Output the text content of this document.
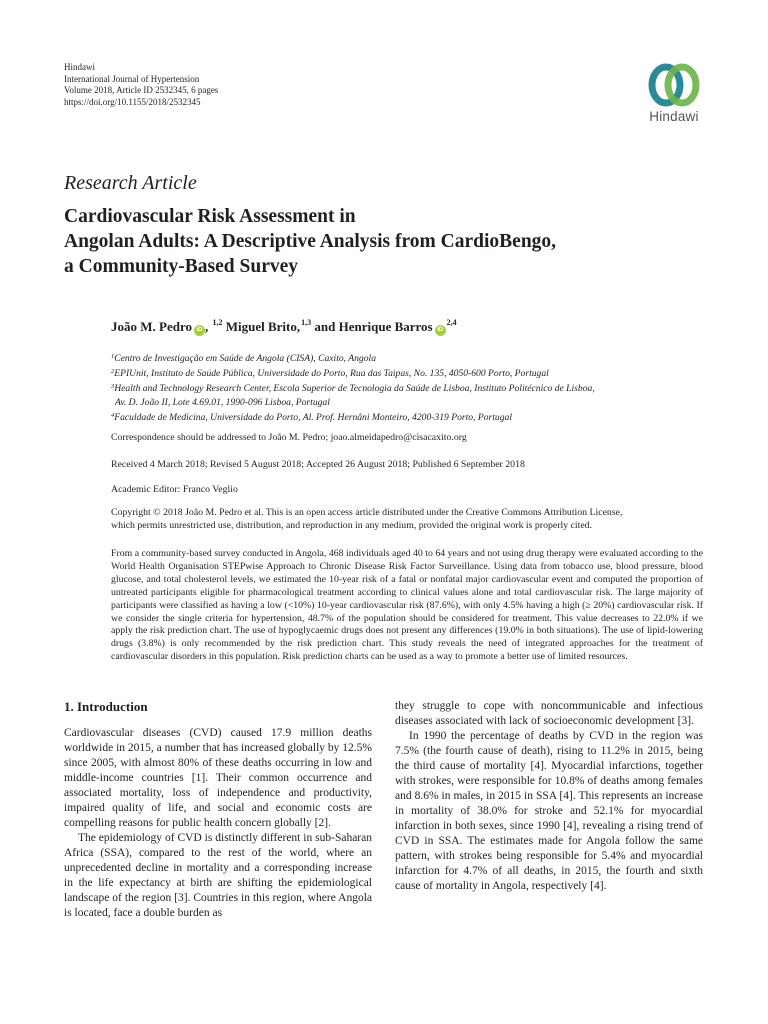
Hindawi
International Journal of Hypertension
Volume 2018, Article ID 2532345, 6 pages
https://doi.org/10.1155/2018/2532345
Hindawi
Research Article
Cardiovascular Risk Assessment in
Angolan Adults: A Descriptive Analysis from CardioBengo,
a Community-Based Survey
João M. Pedro iD , $^{1,2}$ Miguel Brito,$^{1,3}$ and Henrique Barros iD$^{2,4}$
$^1$Centro de Investigação em Saúde de Angola (CISA), Caxito, Angola
$^2$EPIUnit, Instituto de Saúde Pública, Universidade do Porto, Rua das Taipas, No. 135, 4050-600 Porto, Portugal
$^3$Health and Technology Research Center, Escola Superior de Tecnologia da Saúde de Lisboa, Instituto Politécnico de Lisboa,
Av. D. João II, Lote 4.69.01, 1990-096 Lisboa, Portugal
$^4$Faculdade de Medicina, Universidade do Porto, Al. Prof. Hernâni Monteiro, 4200-319 Porto, Portugal
Correspondence should be addressed to João M. Pedro; joao.almeidapedro@cisacaxito.org
Received 4 March 2018; Revised 5 August 2018; Accepted 26 August 2018; Published 6 September 2018
Academic Editor: Franco Veglio
Copyright © 2018 João M. Pedro et al. This is an open access article distributed under the Creative Commons Attribution License,
which permits unrestricted use, distribution, and reproduction in any medium, provided the original work is properly cited.

From a community-based survey conducted in Angola, 468 individuals aged 40 to 64 years and not using drug therapy were evaluated according to the World Health Organisation STEPwise Approach to Chronic Disease Risk Factor Surveillance. Using data from tobacco use, blood pressure, blood glucose, and total cholesterol levels, we estimated the 10-year risk of a fatal or nonfatal major cardiovascular event and computed the proportion of untreated participants eligible for pharmacological treatment according to clinical values alone and total cardiovascular risk. The large majority of participants were classified as having a low (<10%) 10-year cardiovascular risk (87.6%), with only 4.5% having a high (≥ 20%) cardiovascular risk. If we consider the single criteria for hypertension, 48.7% of the population should be considered for treatment. This value decreases to 22.0% if we apply the risk prediction chart. The use of hypoglycaemic drugs does not present any differences (19.0% in both situations). The use of lipid-lowering drugs (3.8%) is only recommended by the risk prediction chart. This study reveals the need of integrated approaches for the treatment of cardiovascular disorders in this population. Risk prediction charts can be used as a way to promote a better use of limited resources.

1. Introduction

Cardiovascular diseases (CVD) caused 17.9 million deaths worldwide in 2015, a number that has increased globally by 12.5% since 2005, with almost 80% of these deaths occurring in low and middle-income countries [1]. Their common occurrence and associated mortality, loss of independence and productivity, impaired quality of life, and social and economic costs are compelling reasons for public health concern globally [2].

The epidemiology of CVD is distinctly different in sub-Saharan Africa (SSA), compared to the rest of the world, where an unprecedented decline in mortality and a corresponding increase in the life expectancy at birth are shifting the epidemiological landscape of the region [3]. Countries in this region, where Angola is located, face a double burden as

they struggle to cope with noncommunicable and infectious diseases associated with lack of socioeconomic development [3].

In 1990 the percentage of deaths by CVD in the region was 7.5% (the fourth cause of death), rising to 11.2% in 2015, being the third cause of mortality [4]. Myocardial infarctions, together with strokes, were responsible for 10.8% of deaths among females and 8.6% in males, in 2015 in SSA [4]. This represents an increase in mortality of 38.0% for stroke and 52.1% for myocardial infarction in both sexes, since 1990 [4], revealing a rising trend of CVD in SSA. The estimates made for Angola follow the same pattern, with strokes being responsible for 5.4% and myocardial infarction for 4.7% of all deaths, in 2015, the fourth and sixth cause of mortality in Angola, respectively [4].
